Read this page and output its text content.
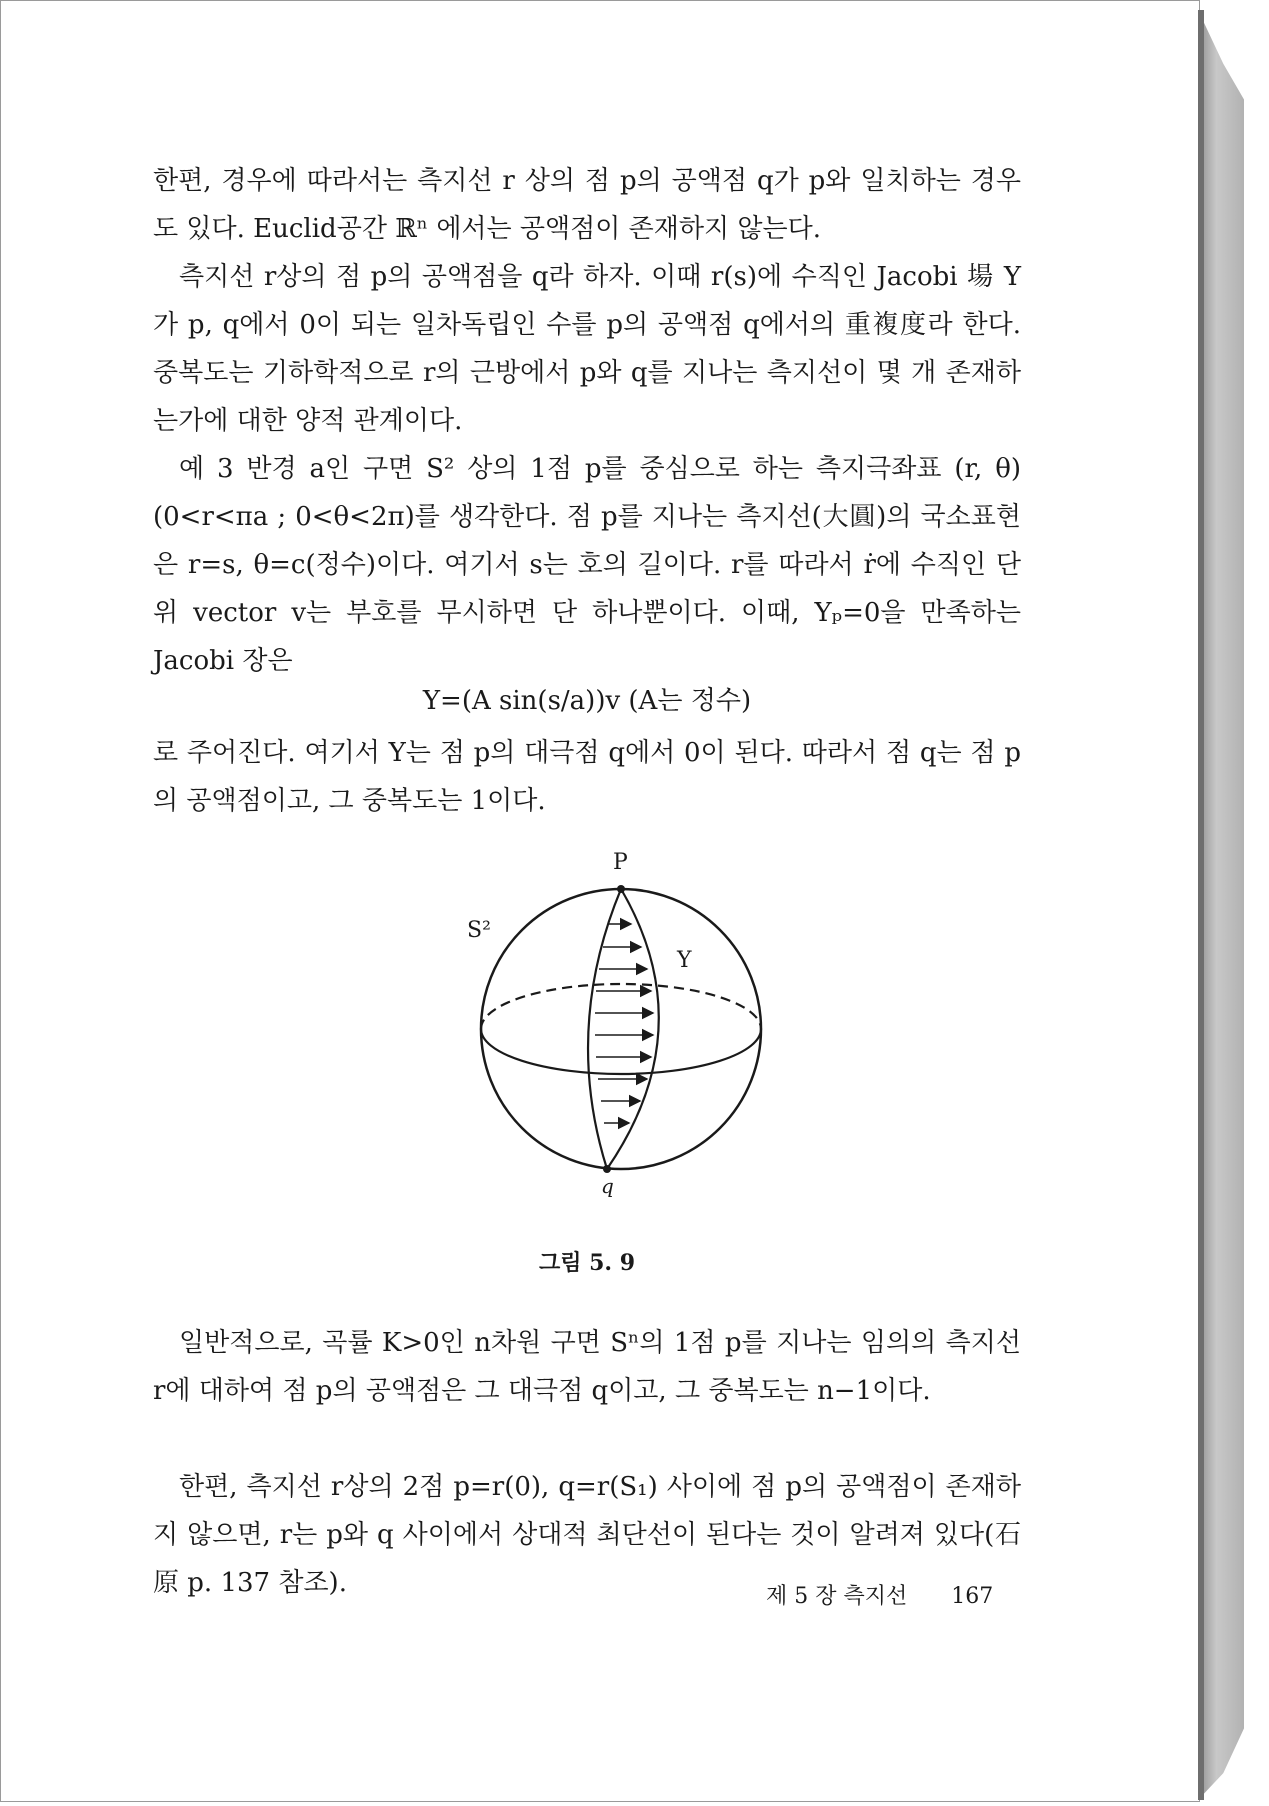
한편, 경우에 따라서는 측지선 r 상의 점 p의 공액점 q가 p와 일치하는 경우도 있다. Euclid공간 ℝⁿ 에서는 공액점이 존재하지 않는다.

측지선 r상의 점 p의 공액점을 q라 하자. 이때 r(s)에 수직인 Jacobi 場 Y가 p, q에서 0이 되는 일차독립인 수를 p의 공액점 q에서의 重複度라 한다. 중복도는 기하학적으로 r의 근방에서 p와 q를 지나는 측지선이 몇 개 존재하는가에 대한 양적 관계이다.

예 3 반경 a인 구면 S² 상의 1점 p를 중심으로 하는 측지극좌표 (r, θ)(0<r<πa ; 0<θ<2π)를 생각한다. 점 p를 지나는 측지선(大圓)의 국소표현은 r=s, θ=c(정수)이다. 여기서 s는 호의 길이다. r를 따라서 ṙ에 수직인 단위 vector v는 부호를 무시하면 단 하나뿐이다. 이때, Yₚ=0을 만족하는 Jacobi 장은

Y=(A sin(s/a))v (A는 정수)

로 주어진다. 여기서 Y는 점 p의 대극점 q에서 0이 된다. 따라서 점 q는 점 p의 공액점이고, 그 중복도는 1이다.

P
S²
Y
q

그림 5. 9

일반적으로, 곡률 K>0인 n차원 구면 Sⁿ의 1점 p를 지나는 임의의 측지선 r에 대하여 점 p의 공액점은 그 대극점 q이고, 그 중복도는 n−1이다.

한편, 측지선 r상의 2점 p=r(0), q=r(S₁) 사이에 점 p의 공액점이 존재하지 않으면, r는 p와 q 사이에서 상대적 최단선이 된다는 것이 알려져 있다(石原 p. 137 참조).	제 5 장 측지선 167
